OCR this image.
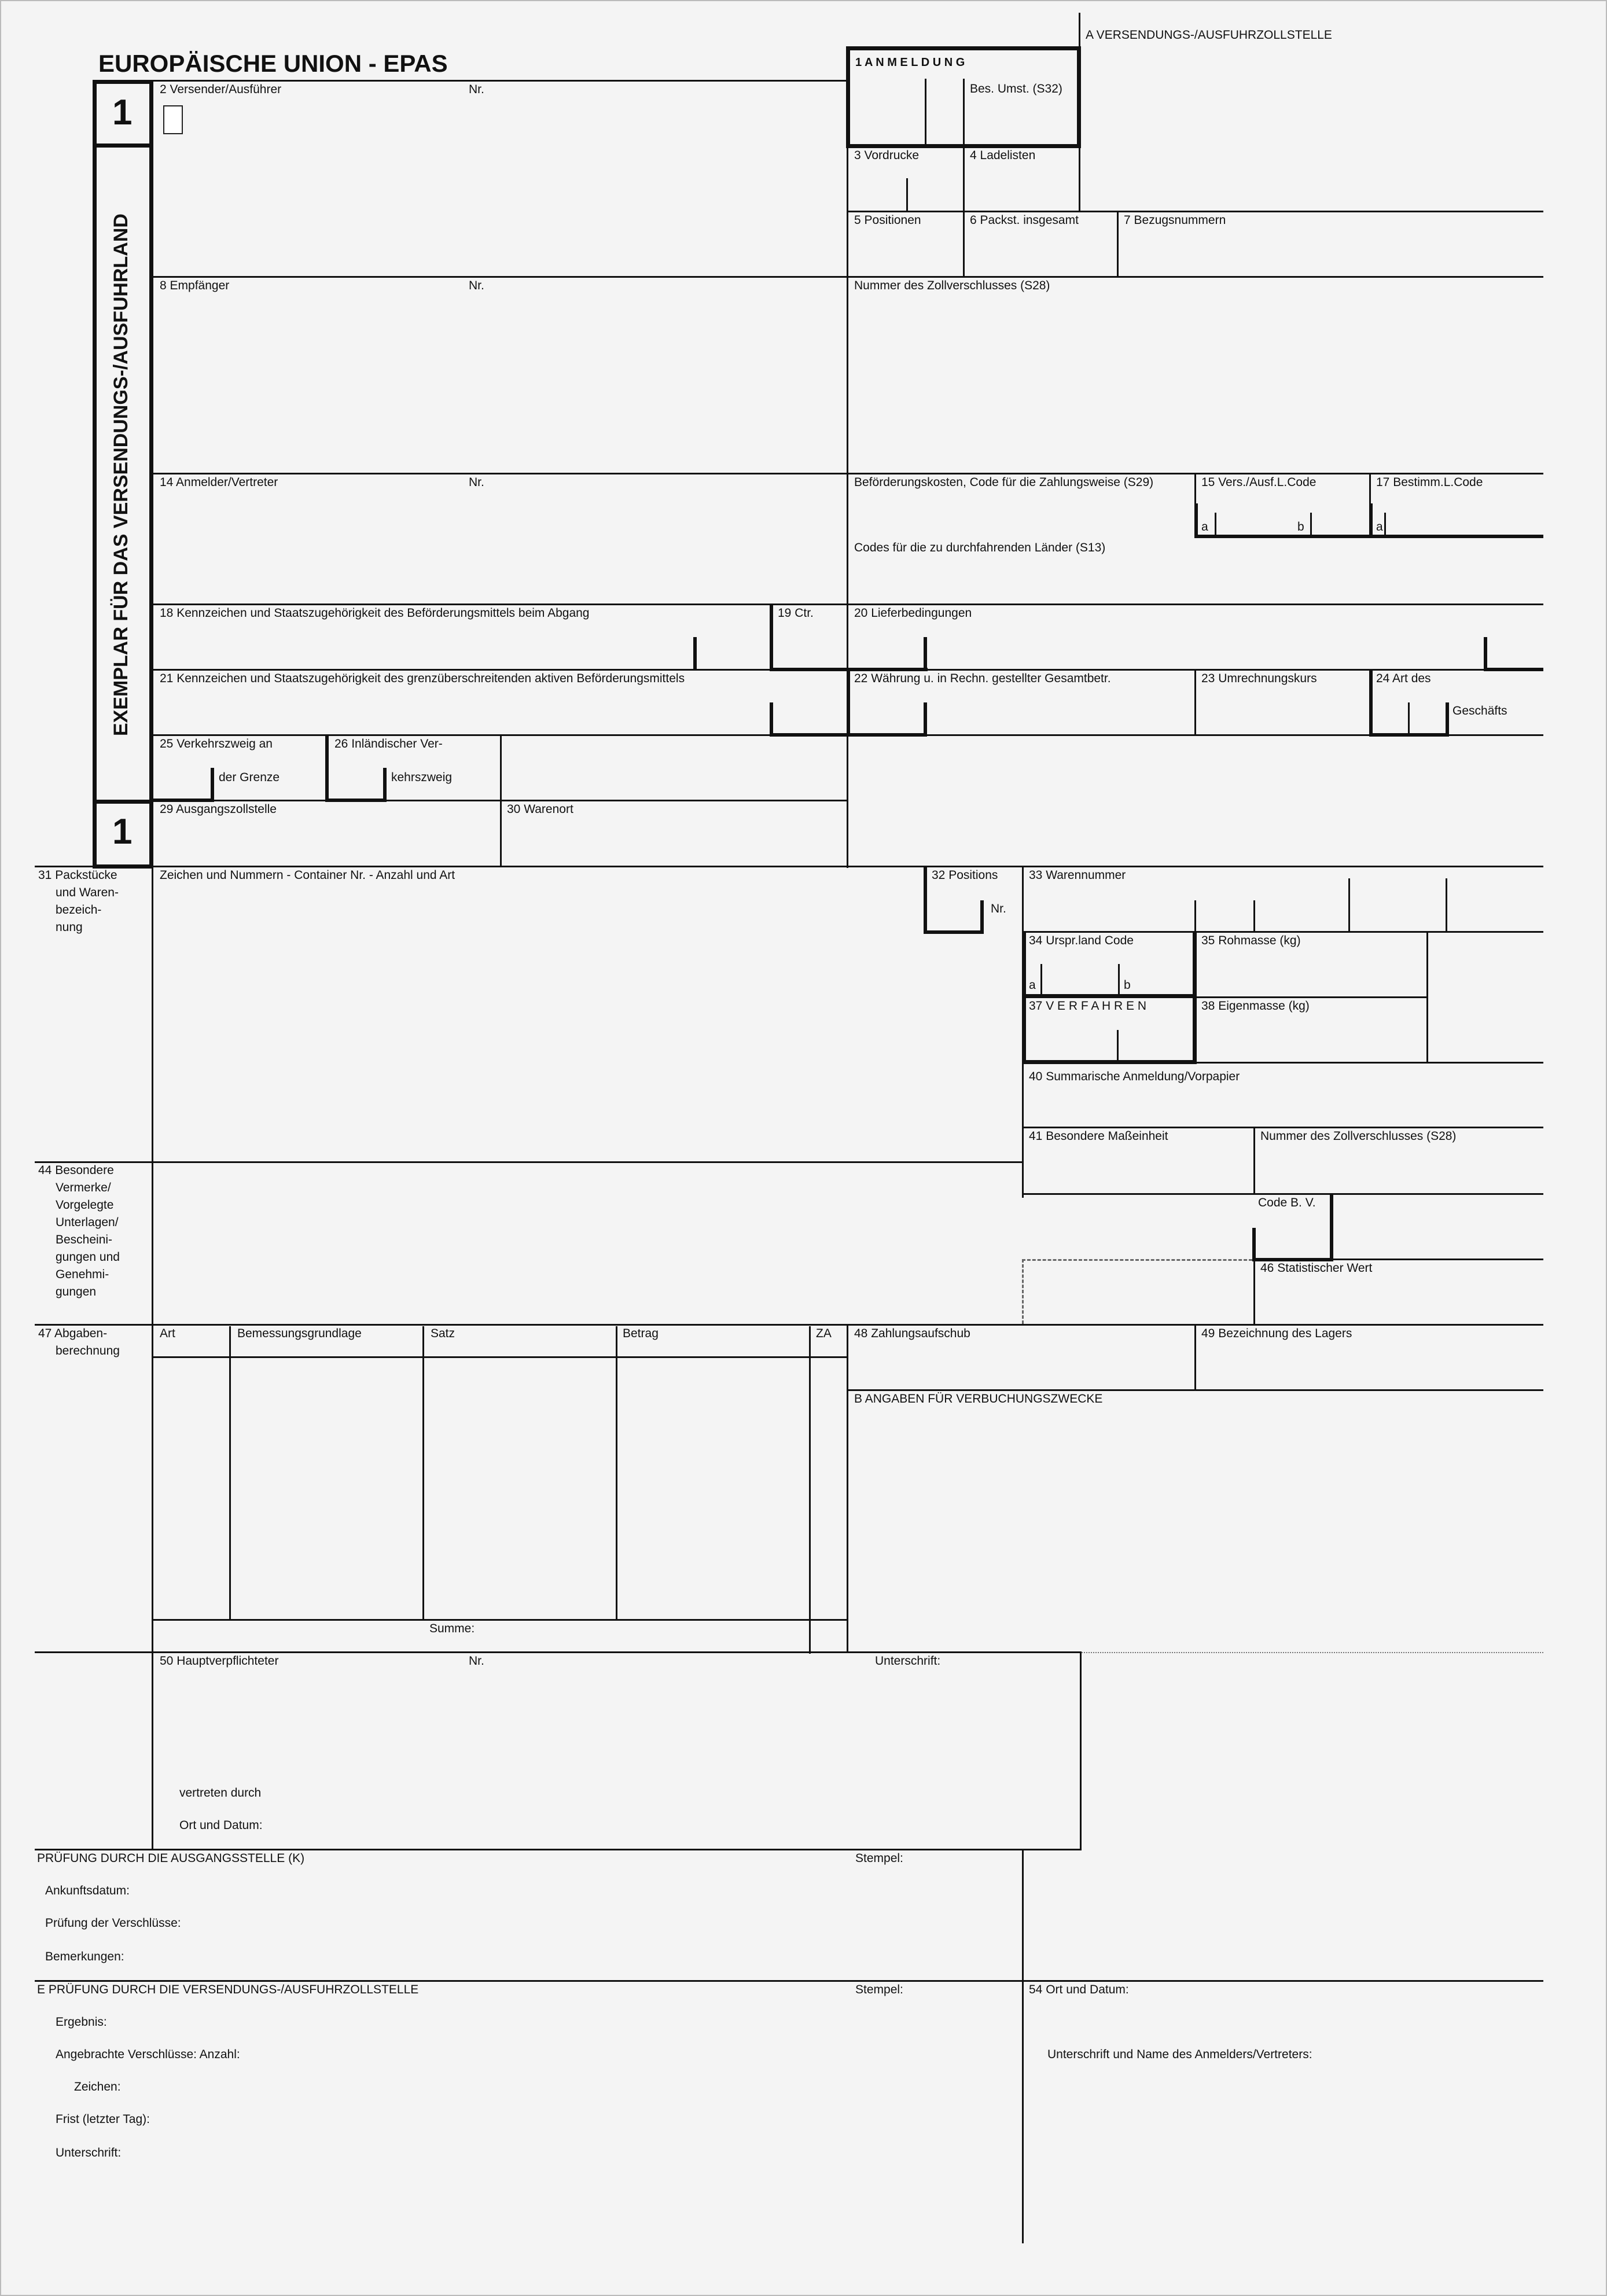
EUROPÄISCHE UNION - EPAS
A VERSENDUNGS-/AUSFUHRZOLLSTELLE
1
1
EXEMPLAR FÜR DAS VERSENDUNGS-/AUSFUHRLAND
1 A N M E L D U N G
Bes. Umst. (S32)
2 Versender/Ausführer	Nr.
3 Vordrucke	4 Ladelisten
5 Positionen	6 Packst. insgesamt	7 Bezugsnummern
8 Empfänger	Nr.	Nummer des Zollverschlusses (S28)
14 Anmelder/Vertreter	Nr.	Beförderungskosten, Code für die Zahlungsweise (S29)	15 Vers./Ausf.L.Code	17 Bestimm.L.Code
a	b	a
Codes für die zu durchfahrenden Länder (S13)
18 Kennzeichen und Staatszugehörigkeit des Beförderungsmittels beim Abgang	19 Ctr.	20 Lieferbedingungen
21 Kennzeichen und Staatszugehörigkeit des grenzüberschreitenden aktiven Beförderungsmittels	22 Währung u. in Rechn. gestellter Gesamtbetr.	23 Umrechnungskurs	24 Art des
Geschäfts
25 Verkehrszweig an
der Grenze
26 Inländischer Ver-
kehrszweig
29 Ausgangszollstelle	30 Warenort
31 Packstücke
und Waren-
bezeich-
nung
Zeichen und Nummern - Container Nr. - Anzahl und Art	32 Positions
Nr.
33 Warennummer
34 Urspr.land Code	35 Rohmasse (kg)
a	b
37 V E R F A H R E N	38 Eigenmasse (kg)
40 Summarische Anmeldung/Vorpapier
41 Besondere Maßeinheit	Nummer des Zollverschlusses (S28)
44 Besondere
Vermerke/
Vorgelegte
Unterlagen/
Bescheini-
gungen und
Genehmi-
gungen
Code B. V.
46 Statistischer Wert
47 Abgaben-
berechnung
Art	Bemessungsgrundlage	Satz	Betrag	ZA
Summe:
48 Zahlungsaufschub	49 Bezeichnung des Lagers
B ANGABEN FÜR VERBUCHUNGSZWECKE
50 Hauptverpflichteter	Nr.	Unterschrift:
vertreten durch
Ort und Datum:
PRÜFUNG DURCH DIE AUSGANGSSTELLE (K)	Stempel:
Ankunftsdatum:
Prüfung der Verschlüsse:
Bemerkungen:
E PRÜFUNG DURCH DIE VERSENDUNGS-/AUSFUHRZOLLSTELLE	Stempel:	54 Ort und Datum:
Ergebnis:
Angebrachte Verschlüsse: Anzahl:
Zeichen:
Frist (letzter Tag):
Unterschrift:
Unterschrift und Name des Anmelders/Vertreters:
